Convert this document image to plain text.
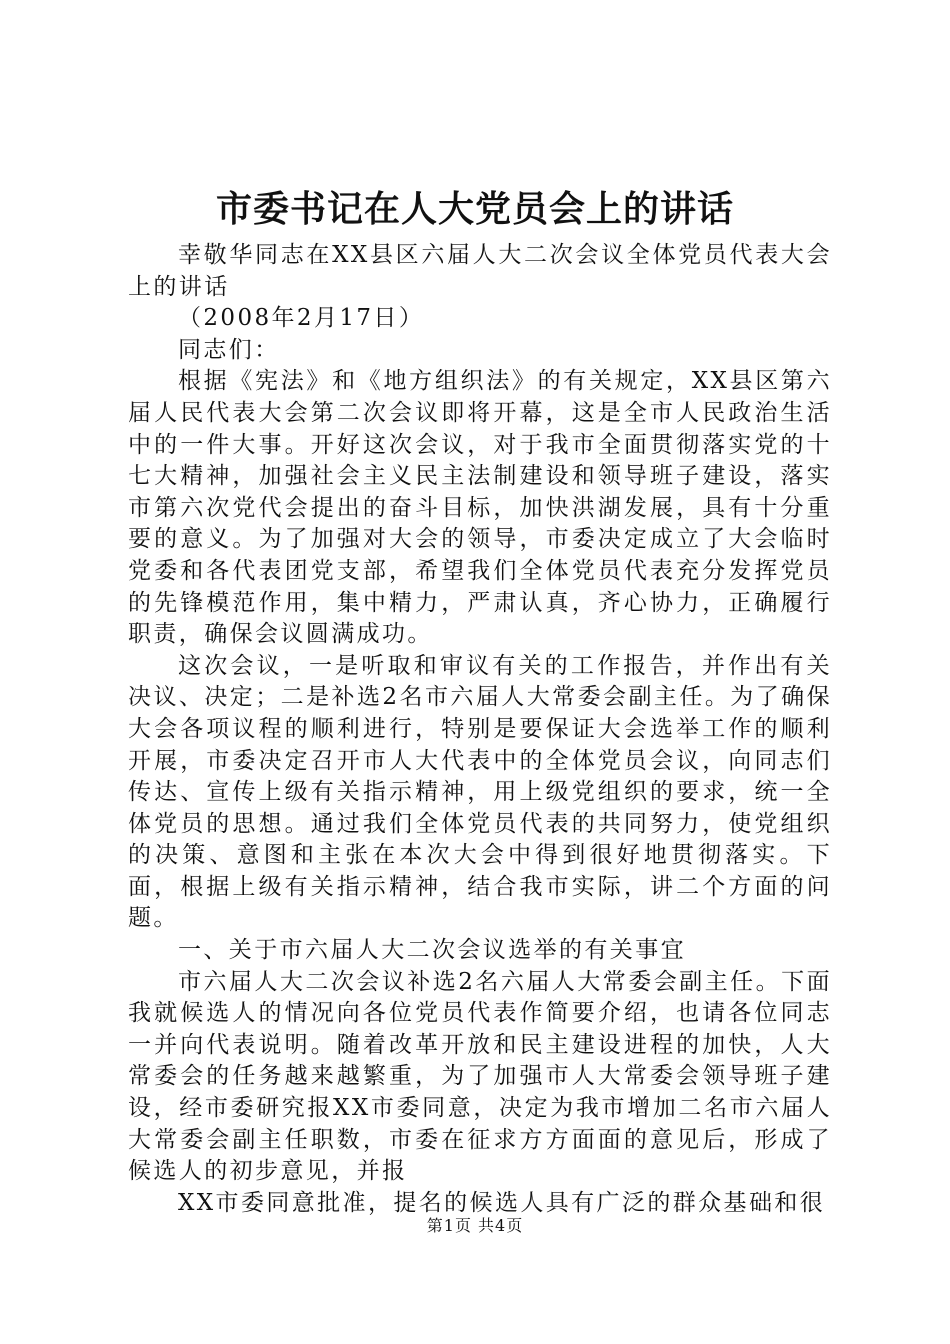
市委书记在人大党员会上的讲话

幸敬华同志在XX县区六届人大二次会议全体党员代表大会上的讲话

（2008年2月17日）

同志们：

根据《宪法》和《地方组织法》的有关规定，XX县区第六届人民代表大会第二次会议即将开幕，这是全市人民政治生活中的一件大事。开好这次会议，对于我市全面贯彻落实党的十七大精神，加强社会主义民主法制建设和领导班子建设，落实市第六次党代会提出的奋斗目标，加快洪湖发展，具有十分重要的意义。为了加强对大会的领导，市委决定成立了大会临时党委和各代表团党支部，希望我们全体党员代表充分发挥党员的先锋模范作用，集中精力，严肃认真，齐心协力，正确履行职责，确保会议圆满成功。

这次会议，一是听取和审议有关的工作报告，并作出有关决议、决定；二是补选2名市六届人大常委会副主任。为了确保大会各项议程的顺利进行，特别是要保证大会选举工作的顺利开展，市委决定召开市人大代表中的全体党员会议，向同志们传达、宣传上级有关指示精神，用上级党组织的要求，统一全体党员的思想。通过我们全体党员代表的共同努力，使党组织的决策、意图和主张在本次大会中得到很好地贯彻落实。下面，根据上级有关指示精神，结合我市实际，讲二个方面的问题。

一、关于市六届人大二次会议选举的有关事宜

市六届人大二次会议补选2名六届人大常委会副主任。下面我就候选人的情况向各位党员代表作简要介绍，也请各位同志一并向代表说明。随着改革开放和民主建设进程的加快，人大常委会的任务越来越繁重，为了加强市人大常委会领导班子建设，经市委研究报XX市委同意，决定为我市增加二名市六届人大常委会副主任职数，市委在征求方方面面的意见后，形成了候选人的初步意见，并报

XX市委同意批准，提名的候选人具有广泛的群众基础和很

第1页 共4页
